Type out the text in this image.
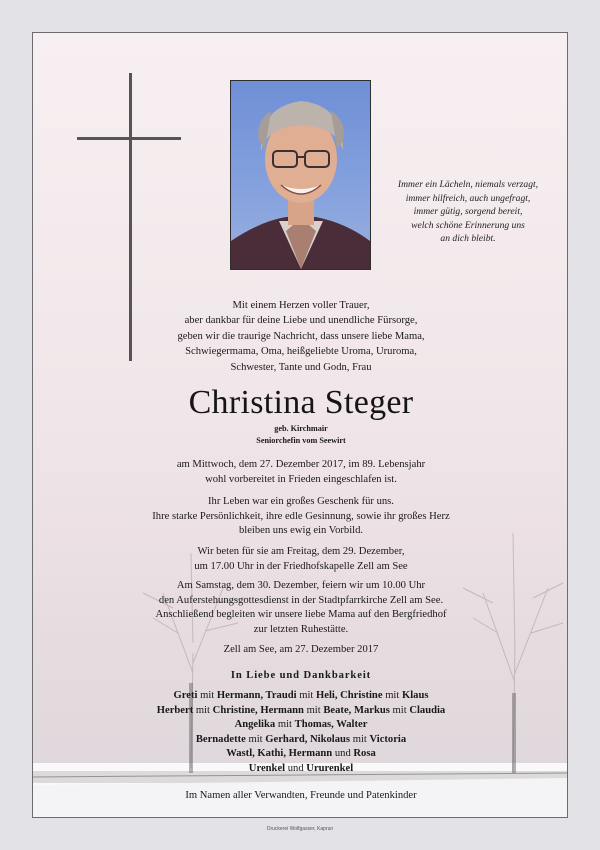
Immer ein Lächeln, niemals verzagt,
immer hilfreich, auch ungefragt,
immer gütig, sorgend bereit,
welch schöne Erinnerung uns
an dich bleibt.
Mit einem Herzen voller Trauer,
aber dankbar für deine Liebe und unendliche Fürsorge,
geben wir die traurige Nachricht, dass unsere liebe Mama,
Schwiegermama, Oma, heißgeliebte Uroma, Ururoma,
Schwester, Tante und Godn, Frau
Christina Steger
geb. Kirchmair
Seniorchefin vom Seewirt
am Mittwoch, dem 27. Dezember 2017, im 89. Lebensjahr
wohl vorbereitet in Frieden eingeschlafen ist.
Ihr Leben war ein großes Geschenk für uns.
Ihre starke Persönlichkeit, ihre edle Gesinnung, sowie ihr großes Herz
bleiben uns ewig ein Vorbild.
Wir beten für sie am Freitag, dem 29. Dezember,
um 17.00 Uhr in der Friedhofskapelle Zell am See
Am Samstag, dem 30. Dezember, feiern wir um 10.00 Uhr
den Auferstehungsgottesdienst in der Stadtpfarrkirche Zell am See.
Anschließend begleiten wir unsere liebe Mama auf den Bergfriedhof
zur letzten Ruhestätte.
Zell am See, am 27. Dezember 2017
In Liebe und Dankbarkeit
Greti mit Hermann, Traudi mit Heli, Christine mit Klaus
Herbert mit Christine, Hermann mit Beate, Markus mit Claudia
Angelika mit Thomas, Walter
Bernadette mit Gerhard, Nikolaus mit Victoria
Wastl, Kathi, Hermann und Rosa
Urenkel und Ururenkel
Im Namen aller Verwandten, Freunde und Patenkinder
Druckerei Wolfgasser, Kaprun
